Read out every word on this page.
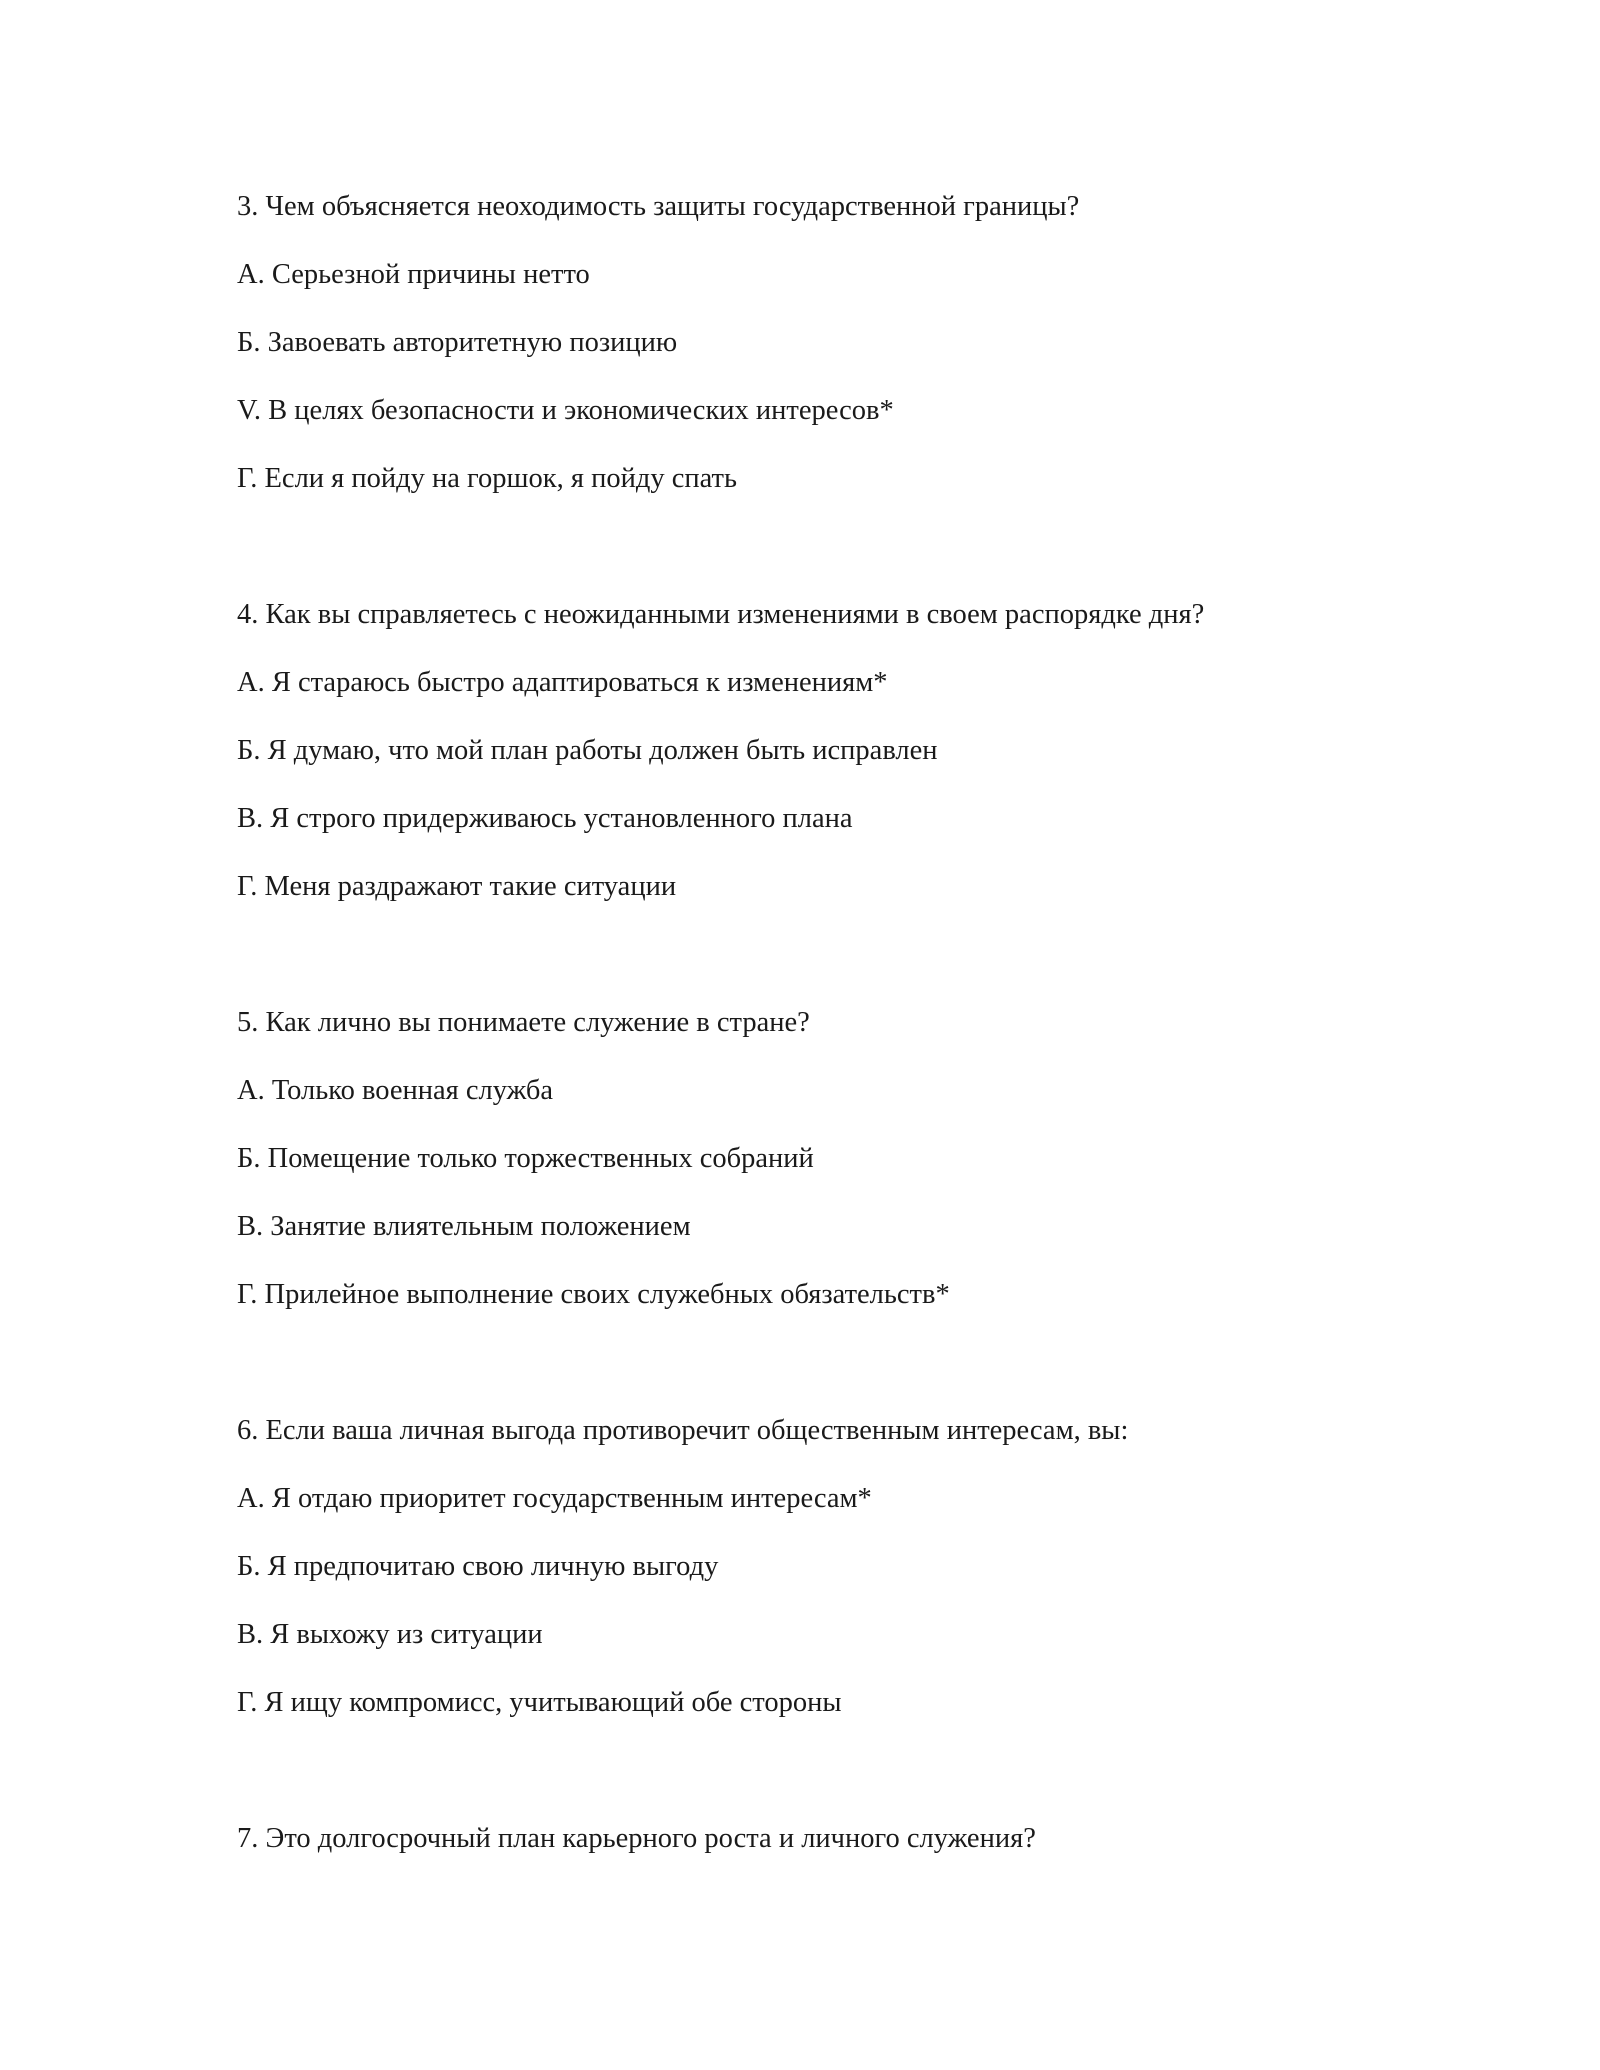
3. Чем объясняется неоходимость защиты государственной границы?
А. Серьезной причины нетто
Б. Завоевать авторитетную позицию
V. В целях безопасности и экономических интересов*
Г. Если я пойду на горшок, я пойду спать
4. Как вы справляетесь с неожиданными изменениями в своем распорядке дня?
А. Я стараюсь быстро адаптироваться к изменениям*
Б. Я думаю, что мой план работы должен быть исправлен
В. Я строго придерживаюсь установленного плана
Г. Меня раздражают такие ситуации
5. Как лично вы понимаете служение в стране?
А. Только военная служба
Б. Помещение только торжественных собраний
В. Занятие влиятельным положением
Г. Прилейное выполнение своих служебных обязательств*
6. Если ваша личная выгода противоречит общественным интересам, вы:
А. Я отдаю приоритет государственным интересам*
Б. Я предпочитаю свою личную выгоду
В. Я выхожу из ситуации
Г. Я ищу компромисс, учитывающий обе стороны
7. Это долгосрочный план карьерного роста и личного служения?
